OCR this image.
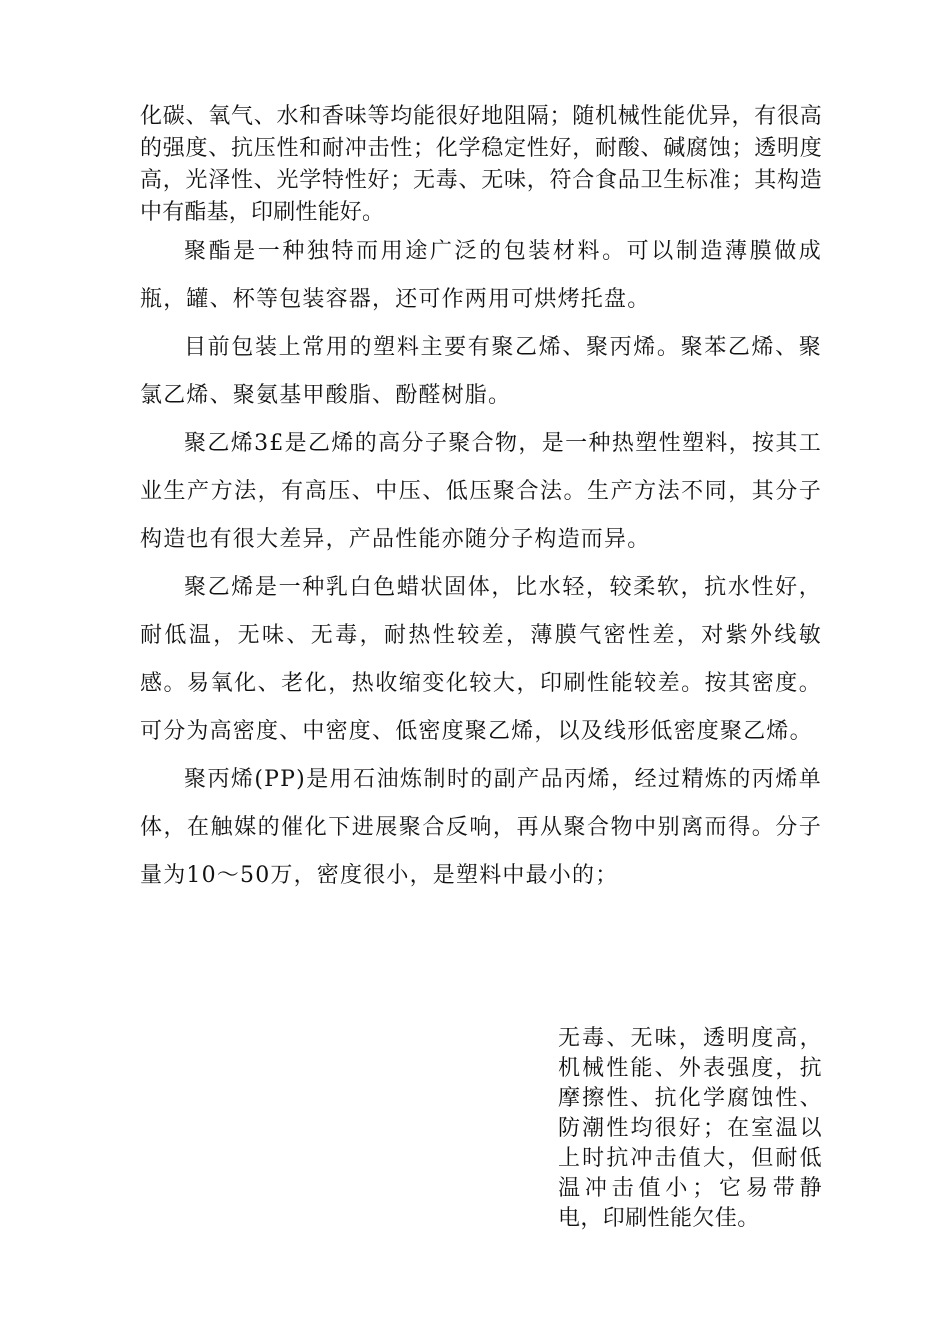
化碳、氧气、水和香味等均能很好地阻隔；随机械性能优异，有很高的强度、抗压性和耐冲击性；化学稳定性好，耐酸、碱腐蚀；透明度高，光泽性、光学特性好；无毒、无味，符合食品卫生标准；其构造中有酯基，印刷性能好。

聚酯是一种独特而用途广泛的包装材料。可以制造薄膜做成瓶，罐、杯等包装容器，还可作两用可烘烤托盘。

目前包装上常用的塑料主要有聚乙烯、聚丙烯。聚苯乙烯、聚氯乙烯、聚氨基甲酸脂、酚醛树脂。

聚乙烯3£是乙烯的高分子聚合物，是一种热塑性塑料，按其工业生产方法，有高压、中压、低压聚合法。生产方法不同，其分子构造也有很大差异，产品性能亦随分子构造而异。

聚乙烯是一种乳白色蜡状固体，比水轻，较柔软，抗水性好，耐低温，无味、无毒，耐热性较差，薄膜气密性差，对紫外线敏感。易氧化、老化，热收缩变化较大，印刷性能较差。按其密度。可分为高密度、中密度、低密度聚乙烯，以及线形低密度聚乙烯。

聚丙烯(PP)是用石油炼制时的副产品丙烯，经过精炼的丙烯单体，在触媒的催化下进展聚合反响，再从聚合物中别离而得。分子量为10〜50万，密度很小，是塑料中最小的；

无毒、无味，透明度高，机械性能、外表强度，抗摩擦性、抗化学腐蚀性、防潮性均很好；在室温以上时抗冲击值大，但耐低温冲击值小；它易带静电，印刷性能欠佳。
